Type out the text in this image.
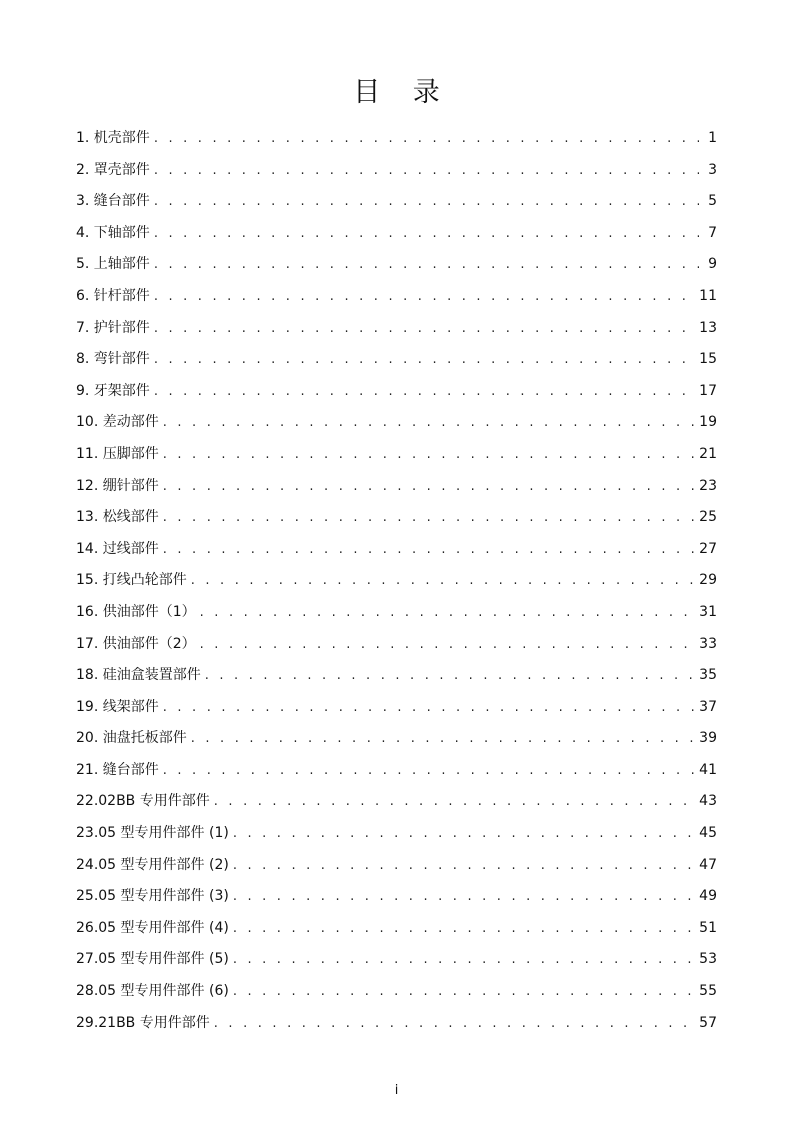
目 录
1. 机壳部件 . . .	1
2. 罩壳部件 . . .	3
3. 缝台部件 . . .	5
4. 下轴部件 . . .	7
5. 上轴部件 . . .	9
6. 针杆部件 . . .	11
7. 护针部件 . . .	13
8. 弯针部件 . . .	15
9. 牙架部件 . . .	17
10. 差动部件 . . .	19
11. 压脚部件 . . .	21
12. 绷针部件 . . .	23
13. 松线部件 . . .	25
14. 过线部件 . . .	27
15. 打线凸轮部件 . . .	29
16. 供油部件（1） . . .	31
17. 供油部件（2） . . .	33
18. 硅油盒装置部件 . . .	35
19. 线架部件 . . .	37
20. 油盘托板部件 . . .	39
21. 缝台部件 . . .	41
22.02BB 专用件部件 . . .	43
23.05 型专用件部件 (1) . . .	45
24.05 型专用件部件 (2) . . .	47
25.05 型专用件部件 (3) . . .	49
26.05 型专用件部件 (4) . . .	51
27.05 型专用件部件 (5) . . .	53
28.05 型专用件部件 (6) . . .	55
29.21BB 专用件部件 . . .	57
i
